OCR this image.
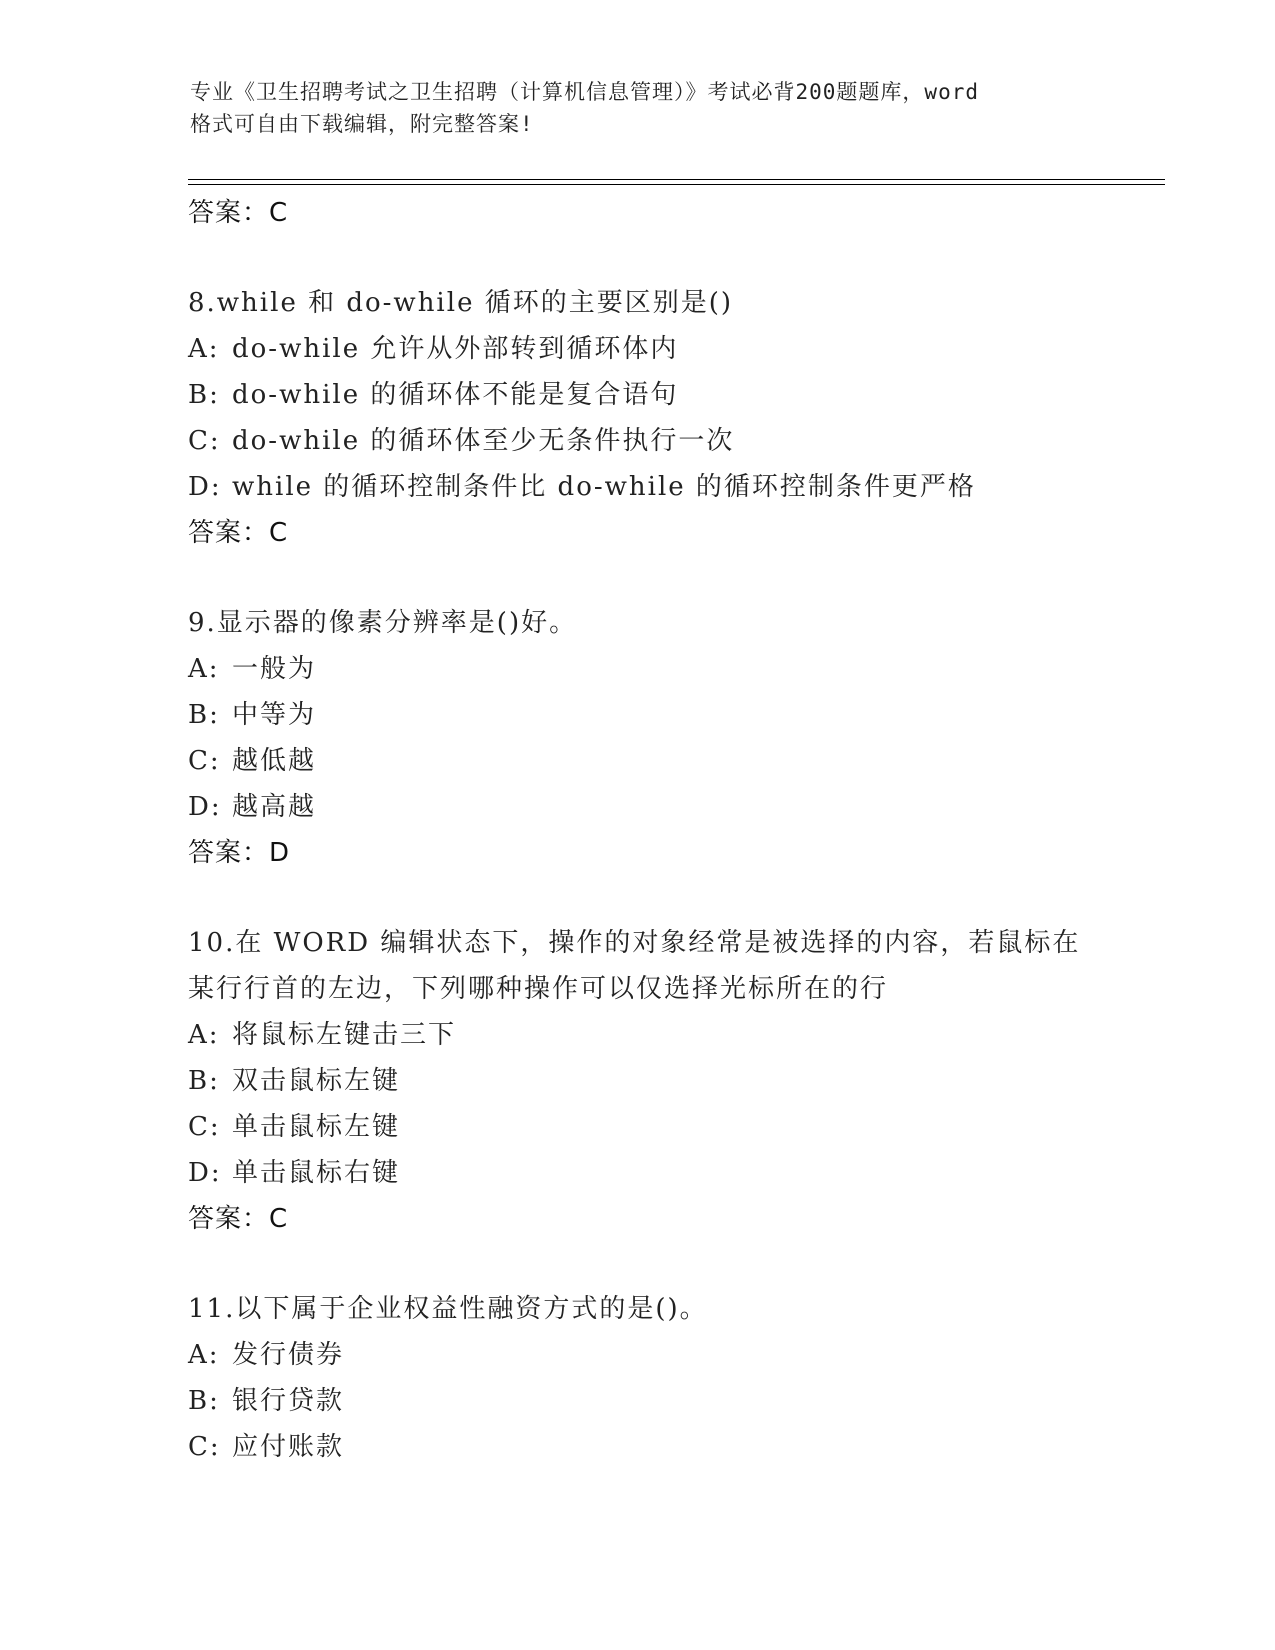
专业《卫生招聘考试之卫生招聘（计算机信息管理）》考试必背200题题库，word
格式可自由下载编辑，附完整答案!
答案：C
8.while 和 do-while 循环的主要区别是()
A: do-while 允许从外部转到循环体内
B: do-while 的循环体不能是复合语句
C: do-while 的循环体至少无条件执行一次
D: while 的循环控制条件比 do-while 的循环控制条件更严格
答案：C
9.显示器的像素分辨率是()好。
A: 一般为
B: 中等为
C: 越低越
D: 越高越
答案：D
10.在 WORD 编辑状态下，操作的对象经常是被选择的内容，若鼠标在
某行行首的左边，下列哪种操作可以仅选择光标所在的行
A: 将鼠标左键击三下
B: 双击鼠标左键
C: 单击鼠标左键
D: 单击鼠标右键
答案：C
11.以下属于企业权益性融资方式的是()。
A: 发行债券
B: 银行贷款
C: 应付账款
